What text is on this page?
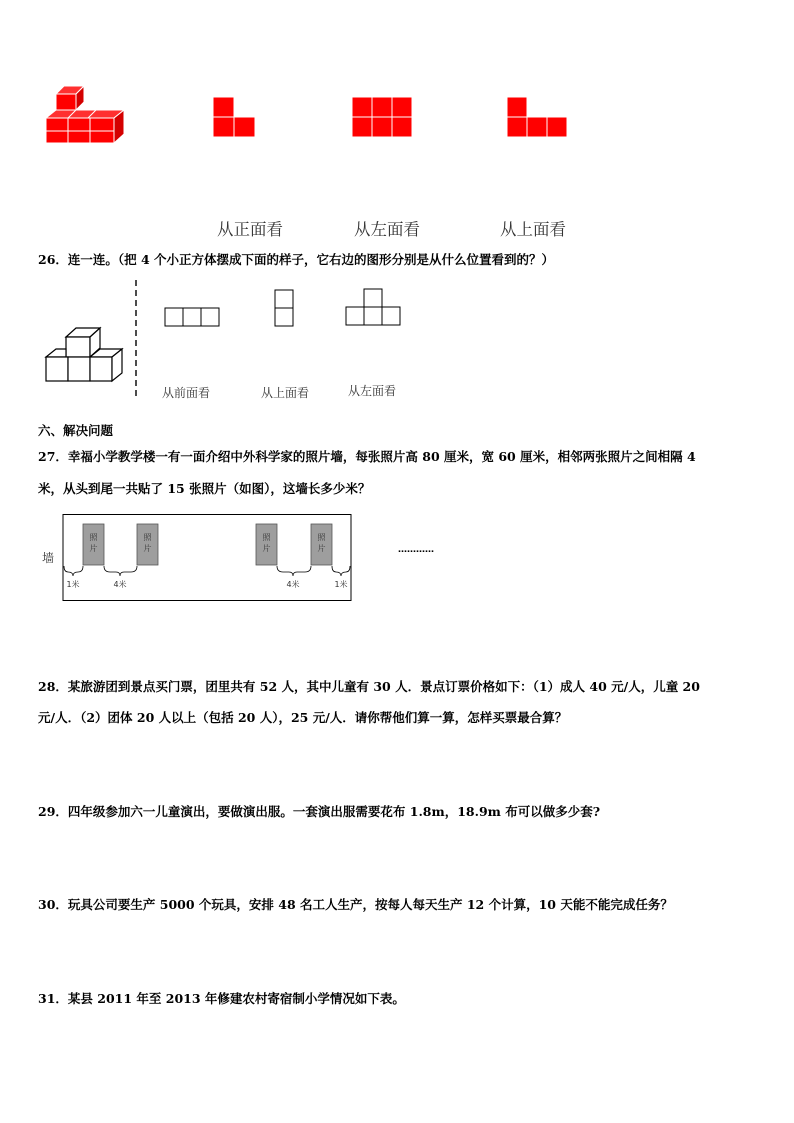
从正面看	从左面看	从上面看
26．连一连。（把 4 个小正方体摆成下面的样子，它右边的图形分别是从什么位置看到的？）
从前面看	从上面看	从左面看
六、解决问题
27．幸福小学教学楼一有一面介绍中外科学家的照片墙，每张照片高 80 厘米，宽 60 厘米，相邻两张照片之间相隔 4
米，从头到尾一共贴了 15 张照片（如图），这墙长多少米？
墙
照
片
照
片
照
片
照
片
1米	4米	4米	1米
…………
28．某旅游团到景点买门票，团里共有 52 人，其中儿童有 30 人．景点订票价格如下：（1）成人 40 元/人，儿童 20
元/人．（2）团体 20 人以上（包括 20 人），25 元/人．请你帮他们算一算，怎样买票最合算？
29．四年级参加六一儿童演出，要做演出服。一套演出服需要花布 1.8m，18.9m 布可以做多少套?
30．玩具公司要生产 5000 个玩具，安排 48 名工人生产，按每人每天生产 12 个计算，10 天能不能完成任务？
31．某县 2011 年至 2013 年修建农村寄宿制小学情况如下表。
